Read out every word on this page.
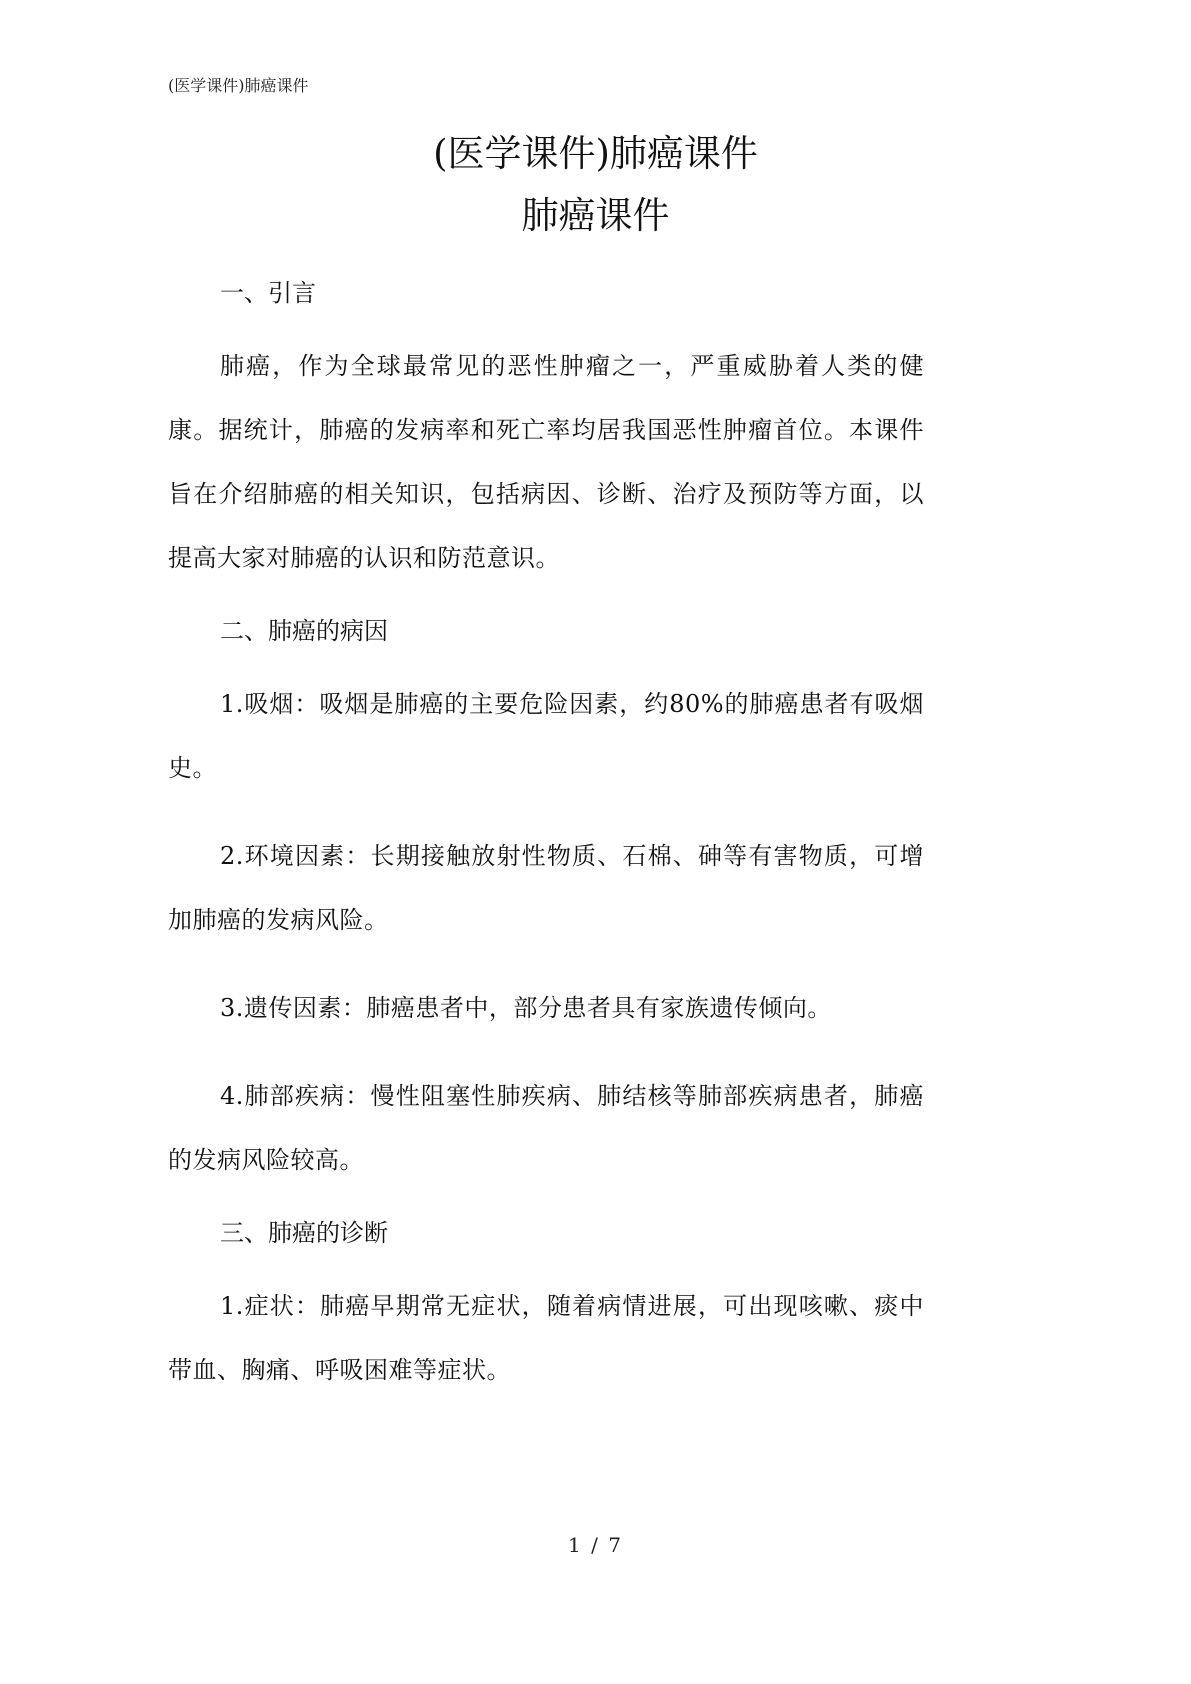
(医学课件)肺癌课件
(医学课件)肺癌课件
肺癌课件

一、引言

肺癌，作为全球最常见的恶性肿瘤之一，严重威胁着人类的健康。据统计，肺癌的发病率和死亡率均居我国恶性肿瘤首位。本课件旨在介绍肺癌的相关知识，包括病因、诊断、治疗及预防等方面，以提高大家对肺癌的认识和防范意识。

二、肺癌的病因

1.吸烟：吸烟是肺癌的主要危险因素，约80%的肺癌患者有吸烟史。

2.环境因素：长期接触放射性物质、石棉、砷等有害物质，可增加肺癌的发病风险。

3.遗传因素：肺癌患者中，部分患者具有家族遗传倾向。

4.肺部疾病：慢性阻塞性肺疾病、肺结核等肺部疾病患者，肺癌的发病风险较高。

三、肺癌的诊断

1.症状：肺癌早期常无症状，随着病情进展，可出现咳嗽、痰中带血、胸痛、呼吸困难等症状。

1 / 7
